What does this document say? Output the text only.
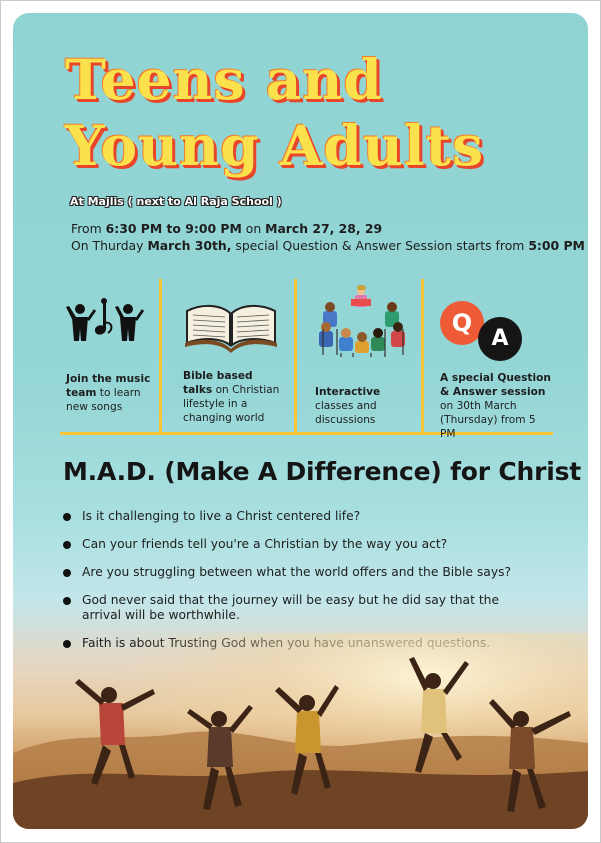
Teens and
Young Adults
At Majlis ( next to Al Raja School )
From 6:30 PM to 9:00 PM on March 27, 28, 29
On Thurday March 30th, special Question & Answer Session starts from 5:00 PM
Join the music
team to learn
new songs
Bible based
talks on Christian
lifestyle in a
changing world
Interactive
classes and
discussions
Q
A
A special Question
& Answer session
on 30th March
(Thursday) from 5 PM
M.A.D. (Make A Difference) for Christ
Is it challenging to live a Christ centered life?
Can your friends tell you're a Christian by the way you act?
Are you struggling between what the world offers and the Bible says?
God never said that the journey will be easy but he did say that the arrival will be worthwhile.
